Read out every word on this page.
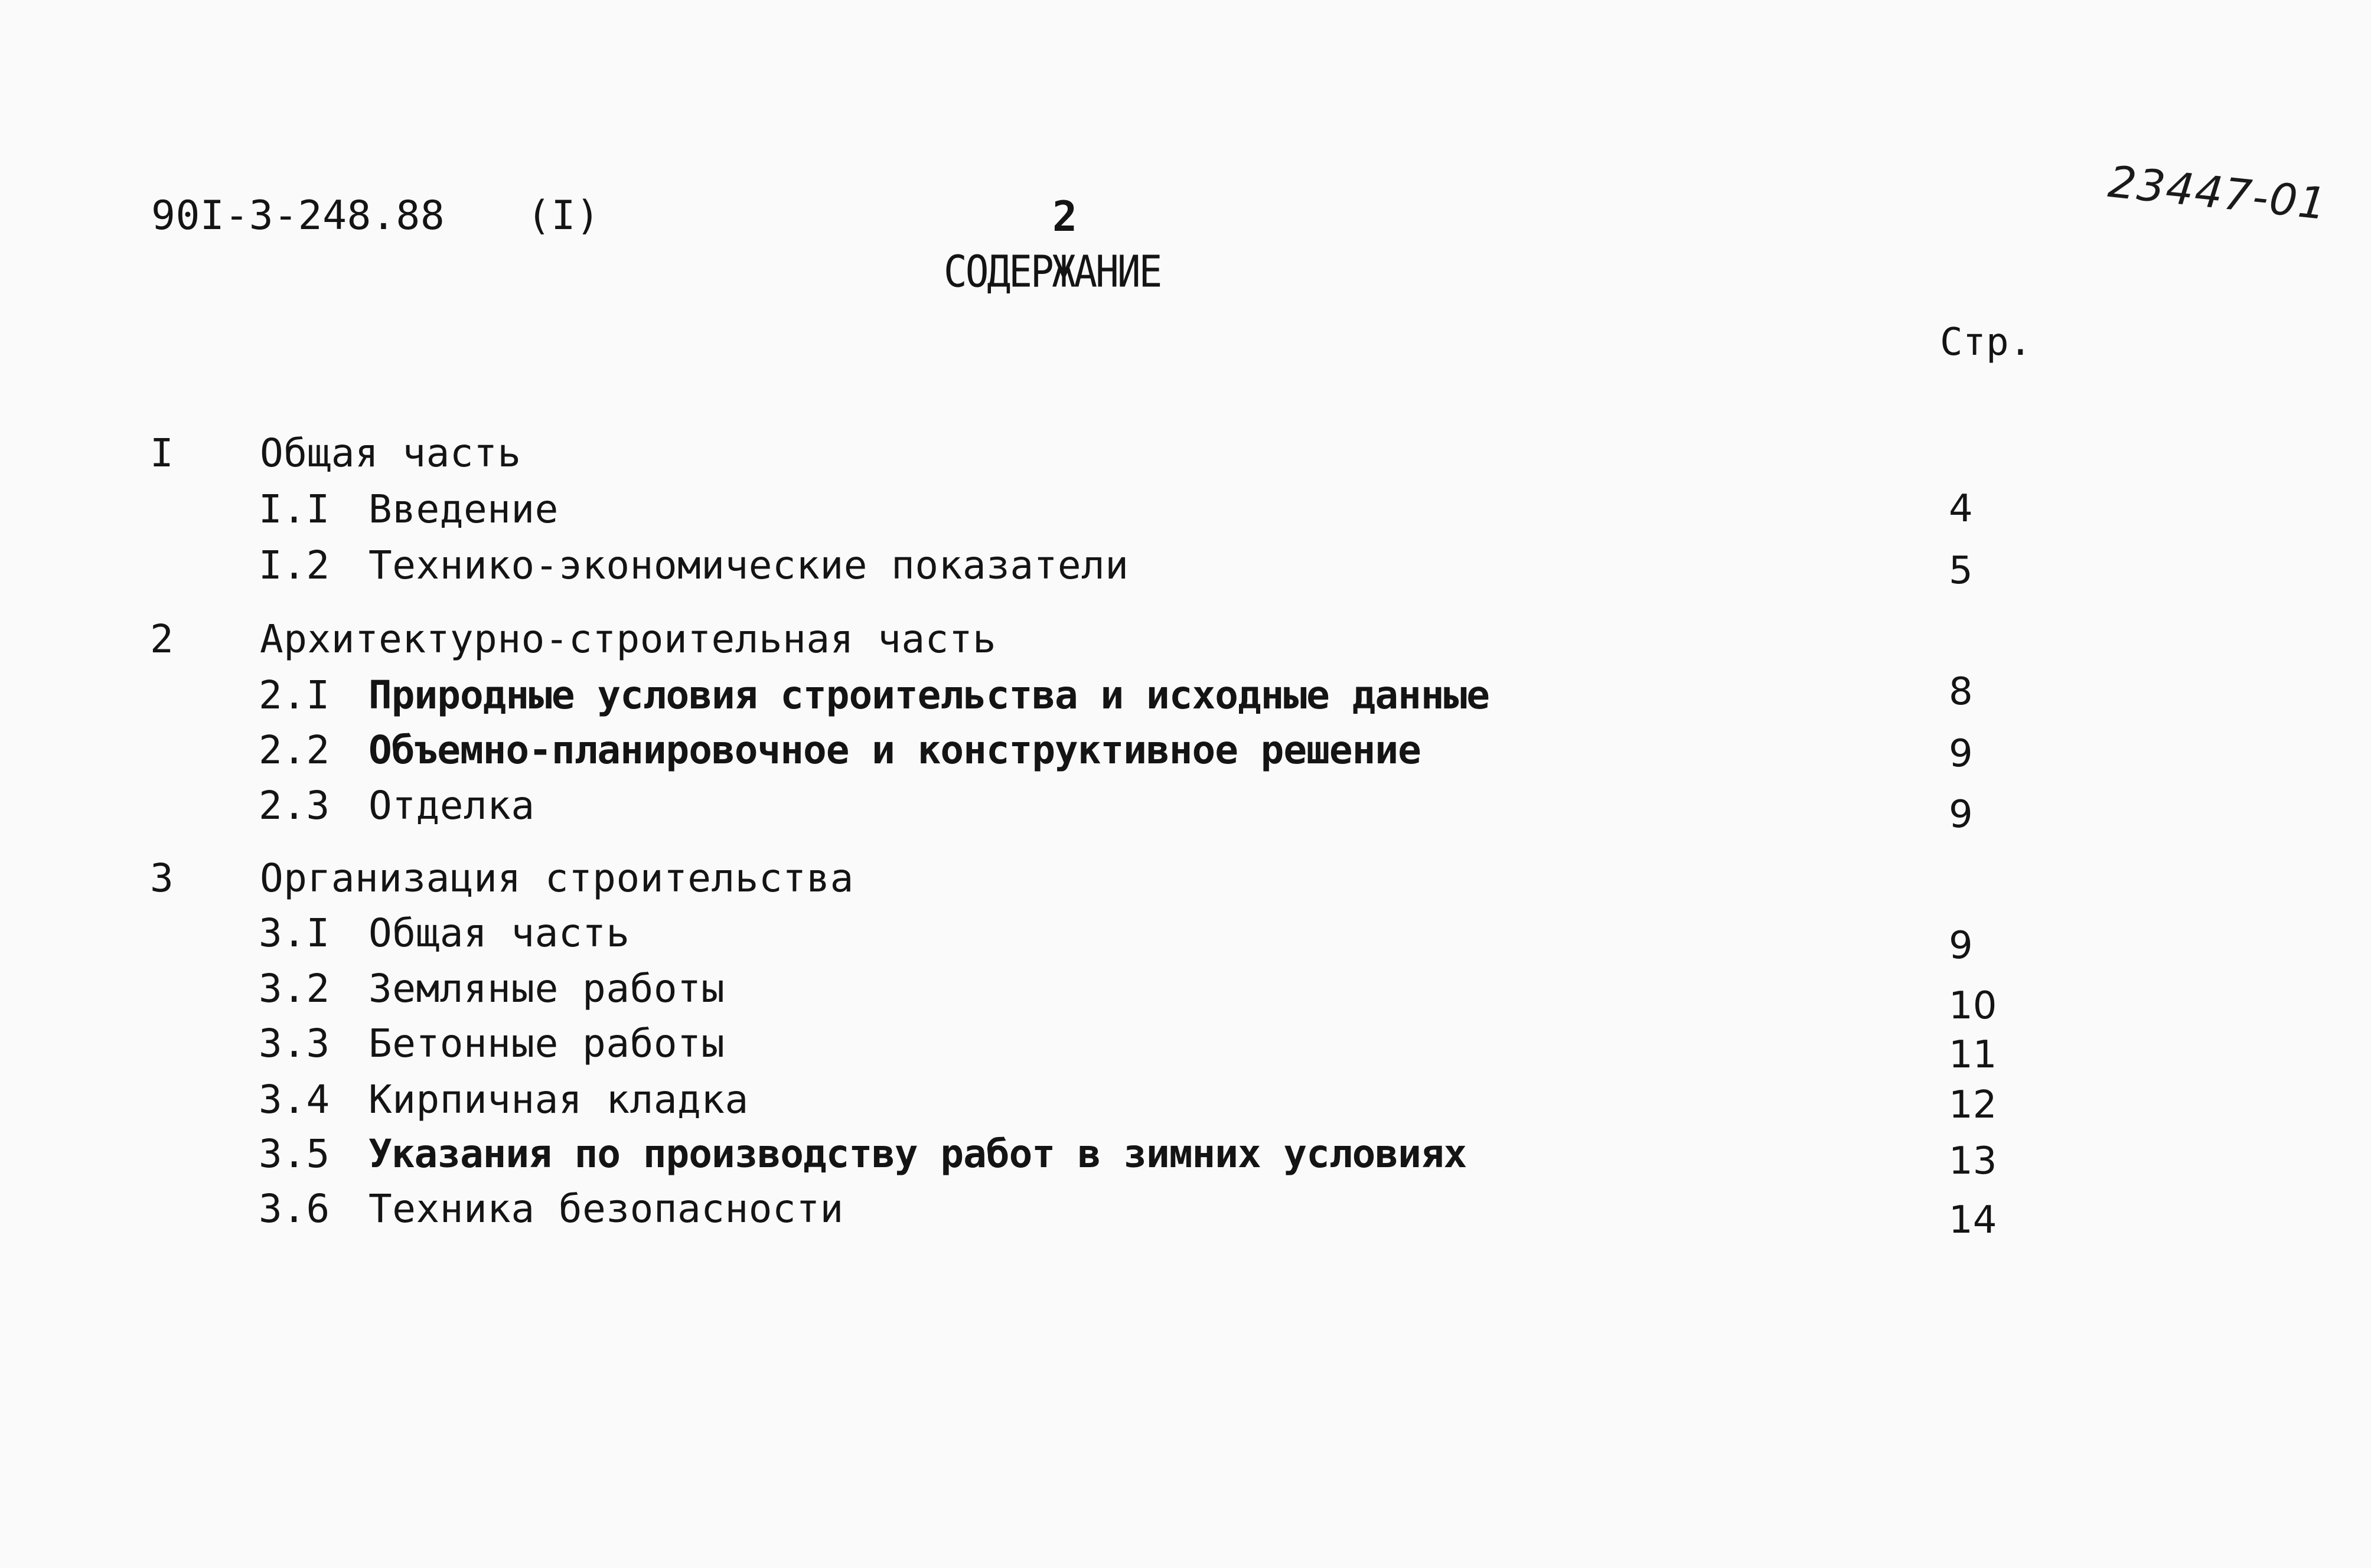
90I-3-248.88 (I)	2
СОДЕРЖАНИЕ
Стр.
23447-01
I Общая часть
I.I Введение	4
I.2 Технико-экономические показатели	5
2 Архитектурно-строительная часть
2.I Природные условия строительства и исходные данные	8
2.2 Объемно-планировочное и конструктивное решение	9
2.3 Отделка	9
3 Организация строительства
3.I Общая часть	9
3.2 Земляные работы	10
3.3 Бетонные работы	11
3.4 Кирпичная кладка	12
3.5 Указания по производству работ в зимних условиях	13
3.6 Техника безопасности	14
